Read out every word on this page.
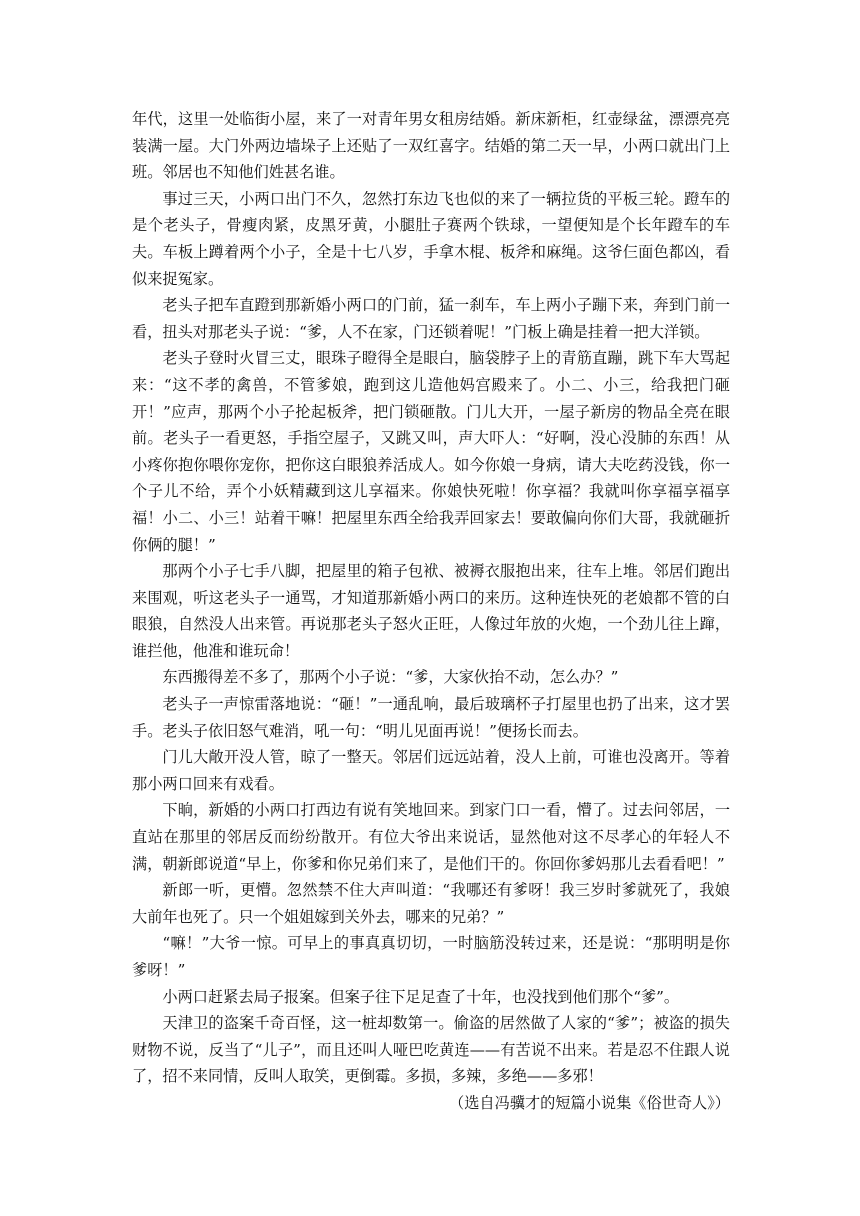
年代，这里一处临街小屋，来了一对青年男女租房结婚。新床新柜，红壶绿盆，漂漂亮亮装满一屋。大门外两边墙垛子上还贴了一双红喜字。结婚的第二天一早，小两口就出门上班。邻居也不知他们姓甚名谁。

事过三天，小两口出门不久，忽然打东边飞也似的来了一辆拉货的平板三轮。蹬车的是个老头子，骨瘦肉紧，皮黑牙黄，小腿肚子赛两个铁球，一望便知是个长年蹬车的车夫。车板上蹲着两个小子，全是十七八岁，手拿木棍、板斧和麻绳。这爷仨面色都凶，看似来捉冤家。

老头子把车直蹬到那新婚小两口的门前，猛一刹车，车上两小子蹦下来，奔到门前一看，扭头对那老头子说：“爹，人不在家，门还锁着呢！”门板上确是挂着一把大洋锁。

老头子登时火冒三丈，眼珠子瞪得全是眼白，脑袋脖子上的青筋直蹦，跳下车大骂起来：“这不孝的禽兽，不管爹娘，跑到这儿造他妈宫殿来了。小二、小三，给我把门砸开！”应声，那两个小子抡起板斧，把门锁砸散。门儿大开，一屋子新房的物品全亮在眼前。老头子一看更怒，手指空屋子，又跳又叫，声大吓人：“好啊，没心没肺的东西！从小疼你抱你喂你宠你，把你这白眼狼养活成人。如今你娘一身病，请大夫吃药没钱，你一个子儿不给，弄个小妖精藏到这儿享福来。你娘快死啦！你享福？我就叫你享福享福享福！小二、小三！站着干嘛！把屋里东西全给我弄回家去！要敢偏向你们大哥，我就砸折你俩的腿！”

那两个小子七手八脚，把屋里的箱子包袱、被褥衣服抱出来，往车上堆。邻居们跑出来围观，听这老头子一通骂，才知道那新婚小两口的来历。这种连快死的老娘都不管的白眼狼，自然没人出来管。再说那老头子怒火正旺，人像过年放的火炮，一个劲儿往上蹿，谁拦他，他准和谁玩命！

东西搬得差不多了，那两个小子说：“爹，大家伙抬不动，怎么办？”

老头子一声惊雷落地说：“砸！”一通乱响，最后玻璃杯子打屋里也扔了出来，这才罢手。老头子依旧怒气难消，吼一句：“明儿见面再说！”便扬长而去。

门儿大敞开没人管，晾了一整天。邻居们远远站着，没人上前，可谁也没离开。等着那小两口回来有戏看。

下晌，新婚的小两口打西边有说有笑地回来。到家门口一看，懵了。过去问邻居，一直站在那里的邻居反而纷纷散开。有位大爷出来说话，显然他对这不尽孝心的年轻人不满，朝新郎说道“早上，你爹和你兄弟们来了，是他们干的。你回你爹妈那儿去看看吧！”

新郎一听，更懵。忽然禁不住大声叫道：“我哪还有爹呀！我三岁时爹就死了，我娘大前年也死了。只一个姐姐嫁到关外去，哪来的兄弟？”

“嘛！”大爷一惊。可早上的事真真切切，一时脑筋没转过来，还是说：“那明明是你爹呀！”

小两口赶紧去局子报案。但案子往下足足查了十年，也没找到他们那个“爹”。

天津卫的盗案千奇百怪，这一桩却数第一。偷盗的居然做了人家的“爹”；被盗的损失财物不说，反当了“儿子”，而且还叫人哑巴吃黄连——有苦说不出来。若是忍不住跟人说了，招不来同情，反叫人取笑，更倒霉。多损，多辣，多绝——多邪！

（选自冯骥才的短篇小说集《俗世奇人》）
